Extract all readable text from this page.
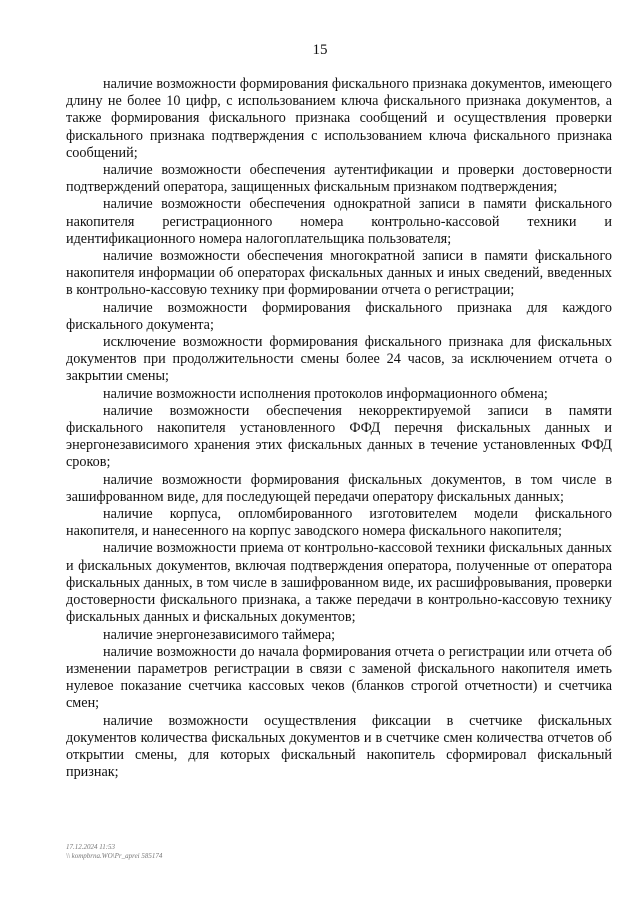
15

наличие возможности формирования фискального признака документов, имеющего длину не более 10 цифр, с использованием ключа фискального признака документов, а также формирования фискального признака сообщений и осуществления проверки фискального признака подтверждения с использованием ключа фискального признака сообщений;

наличие возможности обеспечения аутентификации и проверки достоверности подтверждений оператора, защищенных фискальным признаком подтверждения;

наличие возможности обеспечения однократной записи в памяти фискального накопителя регистрационного номера контрольно-кассовой техники и идентификационного номера налогоплательщика пользователя;

наличие возможности обеспечения многократной записи в памяти фискального накопителя информации об операторах фискальных данных и иных сведений, введенных в контрольно-кассовую технику при формировании отчета о регистрации;

наличие возможности формирования фискального признака для каждого фискального документа;

исключение возможности формирования фискального признака для фискальных документов при продолжительности смены более 24 часов, за исключением отчета о закрытии смены;

наличие возможности исполнения протоколов информационного обмена;

наличие возможности обеспечения некорректируемой записи в памяти фискального накопителя установленного ФФД перечня фискальных данных и энергонезависимого хранения этих фискальных данных в течение установленных ФФД сроков;

наличие возможности формирования фискальных документов, в том числе в зашифрованном виде, для последующей передачи оператору фискальных данных;

наличие корпуса, опломбированного изготовителем модели фискального накопителя, и нанесенного на корпус заводского номера фискального накопителя;

наличие возможности приема от контрольно-кассовой техники фискальных данных и фискальных документов, включая подтверждения оператора, полученные от оператора фискальных данных, в том числе в зашифрованном виде, их расшифровывания, проверки достоверности фискального признака, а также передачи в контрольно-кассовую технику фискальных данных и фискальных документов;

наличие энергонезависимого таймера;

наличие возможности до начала формирования отчета о регистрации или отчета об изменении параметров регистрации в связи с заменой фискального накопителя иметь нулевое показание счетчика кассовых чеков (бланков строгой отчетности) и счетчика смен;

наличие возможности осуществления фиксации в счетчике фискальных документов количества фискальных документов и в счетчике смен количества отчетов об открытии смены, для которых фискальный накопитель сформировал фискальный признак;

17.12.2024 11:53
\\ kompbrna.WO\Pr_aprei 585174
